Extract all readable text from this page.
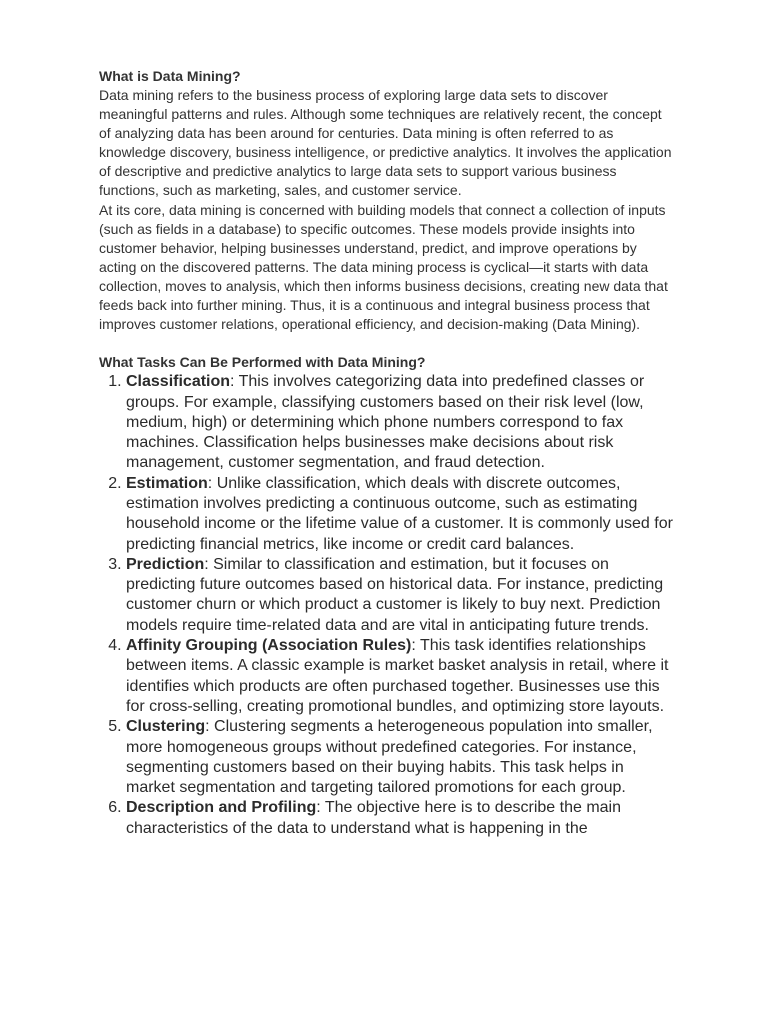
What is Data Mining?

Data mining refers to the business process of exploring large data sets to discover meaningful patterns and rules. Although some techniques are relatively recent, the concept of analyzing data has been around for centuries. Data mining is often referred to as knowledge discovery, business intelligence, or predictive analytics. It involves the application of descriptive and predictive analytics to large data sets to support various business functions, such as marketing, sales, and customer service.

At its core, data mining is concerned with building models that connect a collection of inputs (such as fields in a database) to specific outcomes. These models provide insights into customer behavior, helping businesses understand, predict, and improve operations by acting on the discovered patterns. The data mining process is cyclical—it starts with data collection, moves to analysis, which then informs business decisions, creating new data that feeds back into further mining. Thus, it is a continuous and integral business process that improves customer relations, operational efficiency, and decision-making (Data Mining).

What Tasks Can Be Performed with Data Mining?

1. Classification: This involves categorizing data into predefined classes or groups. For example, classifying customers based on their risk level (low, medium, high) or determining which phone numbers correspond to fax machines. Classification helps businesses make decisions about risk management, customer segmentation, and fraud detection.
2. Estimation: Unlike classification, which deals with discrete outcomes, estimation involves predicting a continuous outcome, such as estimating household income or the lifetime value of a customer. It is commonly used for predicting financial metrics, like income or credit card balances.
3. Prediction: Similar to classification and estimation, but it focuses on predicting future outcomes based on historical data. For instance, predicting customer churn or which product a customer is likely to buy next. Prediction models require time-related data and are vital in anticipating future trends.
4. Affinity Grouping (Association Rules): This task identifies relationships between items. A classic example is market basket analysis in retail, where it identifies which products are often purchased together. Businesses use this for cross-selling, creating promotional bundles, and optimizing store layouts.
5. Clustering: Clustering segments a heterogeneous population into smaller, more homogeneous groups without predefined categories. For instance, segmenting customers based on their buying habits. This task helps in market segmentation and targeting tailored promotions for each group.
6. Description and Profiling: The objective here is to describe the main characteristics of the data to understand what is happening in the
